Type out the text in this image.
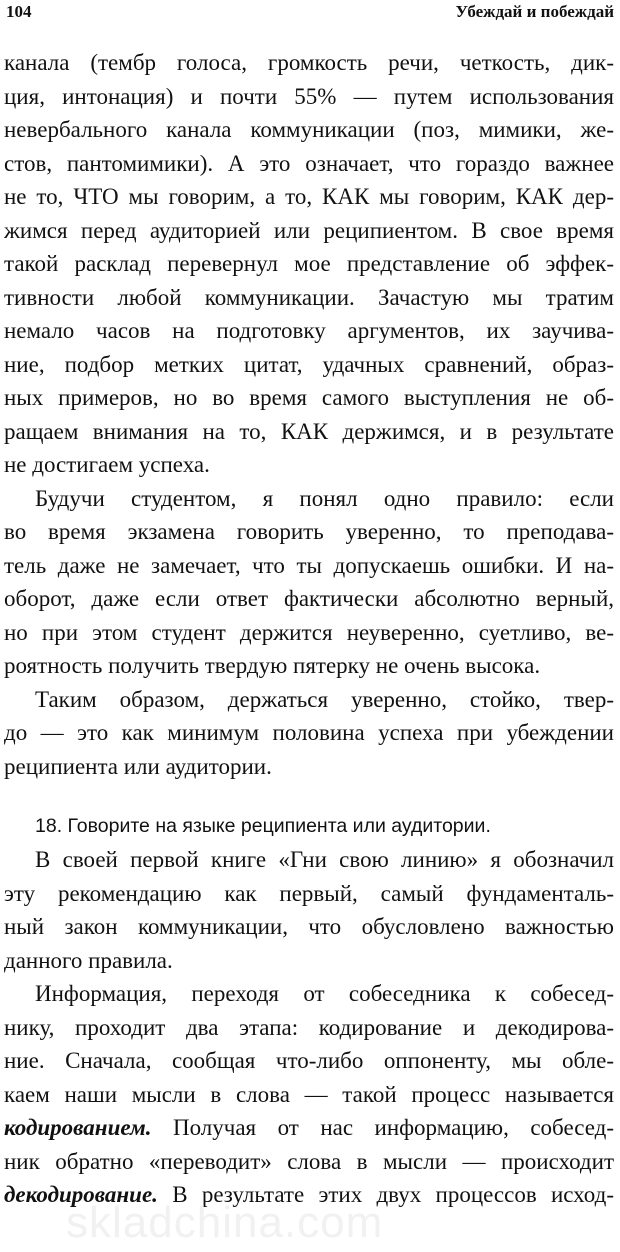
104	Убеждай и побеждай
канала (тембр голоса, громкость речи, четкость, дик-
ция, интонация) и почти 55% — путем использования
невербального канала коммуникации (поз, мимики, же-
стов, пантомимики). А это означает, что гораздо важнее
не то, ЧТО мы говорим, а то, КАК мы говорим, КАК дер-
жимся перед аудиторией или реципиентом. В свое время
такой расклад перевернул мое представление об эффек-
тивности любой коммуникации. Зачастую мы тратим
немало часов на подготовку аргументов, их заучива-
ние, подбор метких цитат, удачных сравнений, образ-
ных примеров, но во время самого выступления не об-
ращаем внимания на то, КАК держимся, и в результате
не достигаем успеха.
Будучи студентом, я понял одно правило: если
во время экзамена говорить уверенно, то преподава-
тель даже не замечает, что ты допускаешь ошибки. И на-
оборот, даже если ответ фактически абсолютно верный,
но при этом студент держится неуверенно, суетливо, ве-
роятность получить твердую пятерку не очень высока.
Таким образом, держаться уверенно, стойко, твер-
до — это как минимум половина успеха при убеждении
реципиента или аудитории.
18. Говорите на языке реципиента или аудитории.
В своей первой книге «Гни свою линию» я обозначил
эту рекомендацию как первый, самый фундаменталь-
ный закон коммуникации, что обусловлено важностью
данного правила.
Информация, переходя от собеседника к собесед-
нику, проходит два этапа: кодирование и декодирова-
ние. Сначала, сообщая что-либо оппоненту, мы обле-
каем наши мысли в слова — такой процесс называется
кодированием. Получая от нас информацию, собесед-
ник обратно «переводит» слова в мысли — происходит
декодирование. В результате этих двух процессов исход-
skladchina.com
